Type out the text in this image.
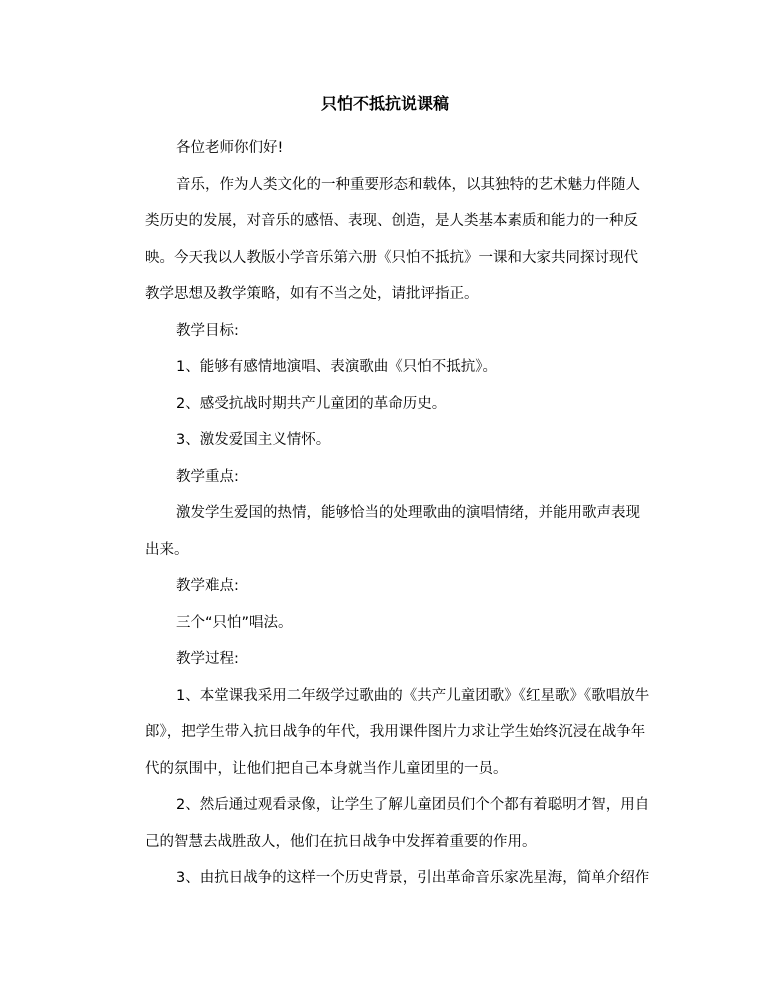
只怕不抵抗说课稿
各位老师你们好!
音乐，作为人类文化的一种重要形态和载体，以其独特的艺术魅力伴随人
类历史的发展，对音乐的感悟、表现、创造，是人类基本素质和能力的一种反
映。今天我以人教版小学音乐第六册《只怕不抵抗》一课和大家共同探讨现代
教学思想及教学策略，如有不当之处，请批评指正。
教学目标:
1、能够有感情地演唱、表演歌曲《只怕不抵抗》。
2、感受抗战时期共产儿童团的革命历史。
3、激发爱国主义情怀。
教学重点:
激发学生爱国的热情，能够恰当的处理歌曲的演唱情绪，并能用歌声表现
出来。
教学难点:
三个“只怕”唱法。
教学过程:
1、本堂课我采用二年级学过歌曲的《共产儿童团歌》《红星歌》《歌唱放牛
郎》，把学生带入抗日战争的年代，我用课件图片力求让学生始终沉浸在战争年
代的氛围中，让他们把自己本身就当作儿童团里的一员。
2、然后通过观看录像，让学生了解儿童团员们个个都有着聪明才智，用自
己的智慧去战胜敌人，他们在抗日战争中发挥着重要的作用。
3、由抗日战争的这样一个历史背景，引出革命音乐家冼星海，简单介绍作
